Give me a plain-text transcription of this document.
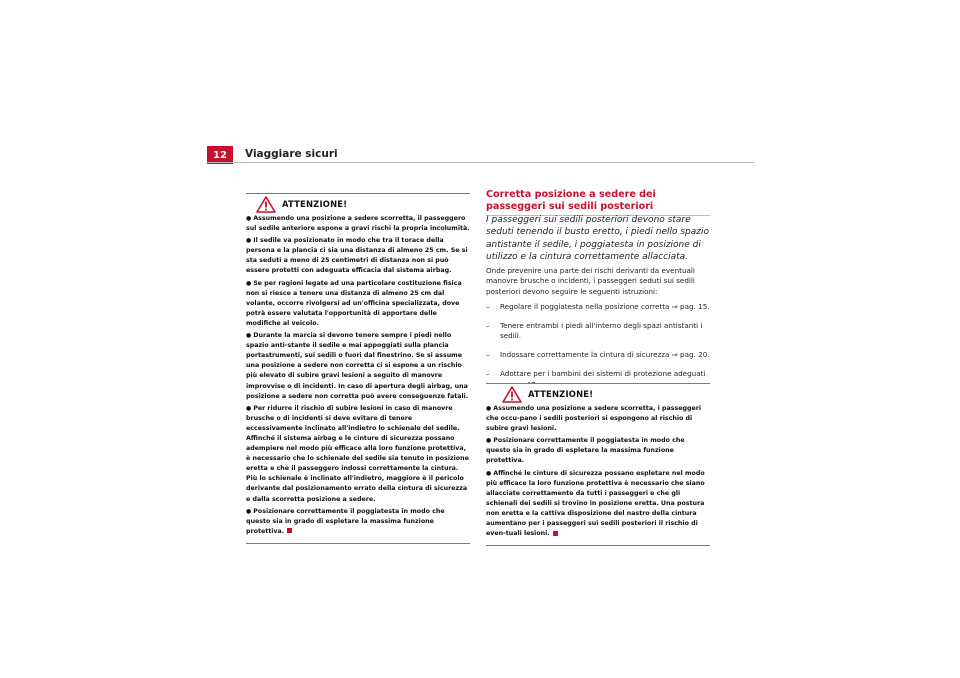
12	Viaggiare sicuri
ATTENZIONE!

● Assumendo una posizione a sedere scorretta, il passeggero sul sedile anteriore espone a gravi rischi la propria incolumità.

● Il sedile va posizionato in modo che tra il torace della persona e la plancia ci sia una distanza di almeno 25 cm. Se si sta seduti a meno di 25 centimetri di distanza non si può essere protetti con adeguata efficacia dal sistema airbag.

● Se per ragioni legate ad una particolare costituzione fisica non si riesce a tenere una distanza di almeno 25 cm dal volante, occorre rivolgersi ad un'officina specializzata, dove potrà essere valutata l'opportunità di apportare delle modifiche al veicolo.

● Durante la marcia si devono tenere sempre i piedi nello spazio anti-stante il sedile e mai appoggiati sulla plancia portastrumenti, sui sedili o fuori dal finestrino. Se si assume una posizione a sedere non corretta ci si espone a un rischio più elevato di subire gravi lesioni a seguito di manovre improvvise o di incidenti. In caso di apertura degli airbag, una posizione a sedere non corretta può avere conseguenze fatali.

● Per ridurre il rischio di subire lesioni in caso di manovre brusche o di incidenti si deve evitare di tenere eccessivamente inclinato all'indietro lo schienale del sedile. Affinché il sistema airbag e le cinture di sicurezza possano adempiere nel modo più efficace alla loro funzione protettiva, è necessario che lo schienale del sedile sia tenuto in posizione eretta e che il passeggero indossi correttamente la cintura. Più lo schienale è inclinato all'indietro, maggiore è il pericolo derivante dal posizionamento errato della cintura di sicurezza e dalla scorretta posizione a sedere.

● Posizionare correttamente il poggiatesta in modo che questo sia in grado di espletare la massima funzione protettiva.

Corretta posizione a sedere dei passeggeri sui sedili posteriori
I passeggeri sui sedili posteriori devono stare seduti tenendo il busto eretto, i piedi nello spazio antistante il sedile, i poggiatesta in posizione di utilizzo e la cintura correttamente allacciata.
Onde prevenire una parte dei rischi derivanti da eventuali manovre brusche o incidenti, i passeggeri seduti sui sedili posteriori devono seguire le seguenti istruzioni:
– Regolare il poggiatesta nella posizione corretta ⇒ pag. 15.
– Tenere entrambi i piedi all'interno degli spazi antistanti i sedili.
– Indossare correttamente la cintura di sicurezza ⇒ pag. 20.
– Adottare per i bambini dei sistemi di protezione adeguati
ATTENZIONE!

● Assumendo una posizione a sedere scorretta, i passeggeri che occu-pano i sedili posteriori si espongono al rischio di subire gravi lesioni.

● Posizionare correttamente il poggiatesta in modo che questo sia in grado di espletare la massima funzione protettiva.

● Affinché le cinture di sicurezza possano espletare nel modo più efficace la loro funzione protettiva è necessario che siano allacciate correttamente da tutti i passeggeri e che gli schienali dei sedili si trovino in posizione eretta. Una postura non eretta e la cattiva disposizione del nastro della cintura aumentano per i passeggeri sui sedili posteriori il rischio di even-tuali lesioni.
